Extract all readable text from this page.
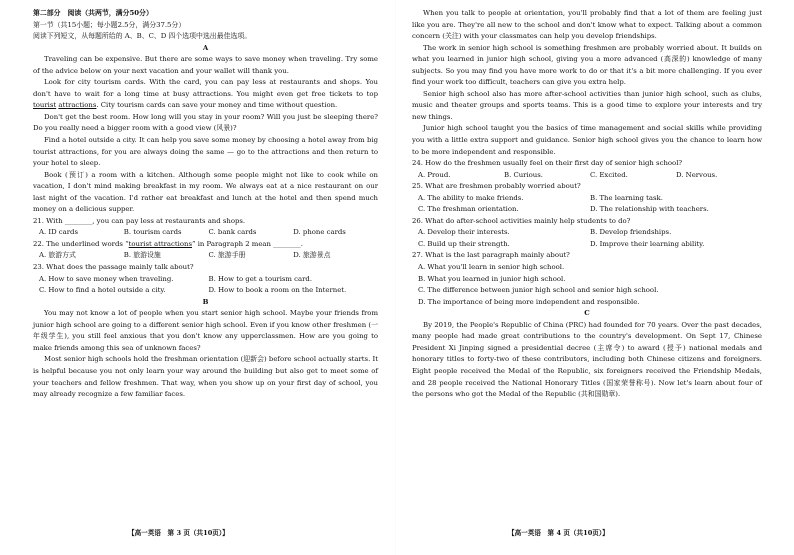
第二部分　阅读（共两节，满分50分）

第一节（共15小题；每小题2.5分，满分37.5分）

阅读下列短文，从每题所给的 A、B、C、D 四个选项中选出最佳选项。

A

Traveling can be expensive. But there are some ways to save money when traveling. Try some of the advice below on your next vacation and your wallet will thank you.

Look for city tourism cards. With the card, you can pay less at restaurants and shops. You don't have to wait for a long time at busy attractions. You might even get free tickets to top tourist attractions. City tourism cards can save your money and time without question.

Don't get the best room. How long will you stay in your room? Will you just be sleeping there? Do you really need a bigger room with a good view (风景)?

Find a hotel outside a city. It can help you save some money by choosing a hotel away from big tourist attractions, for you are always doing the same — go to the attractions and then return to your hotel to sleep.

Book (预订) a room with a kitchen. Although some people might not like to cook while on vacation, I don't mind making breakfast in my room. We always eat at a nice restaurant on our last night of the vacation. I'd rather eat breakfast and lunch at the hotel and then spend much money on a delicious supper.

21. With ________, you can pay less at restaurants and shops.

A. ID cards	B. tourism cards	C. bank cards	D. phone cards

22. The underlined words “tourist attractions” in Paragraph 2 mean ________.

A. 旅游方式	B. 旅游设施	C. 旅游手册	D. 旅游景点

23. What does the passage mainly talk about?

A. How to save money when traveling.	B. How to get a tourism card.
C. How to find a hotel outside a city.	D. How to book a room on the Internet.

B

You may not know a lot of people when you start senior high school. Maybe your friends from junior high school are going to a different senior high school. Even if you know other freshmen (一年级学生), you still feel anxious that you don't know any upperclassmen. How are you going to make friends among this sea of unknown faces?

Most senior high schools hold the freshman orientation (迎新会) before school actually starts. It is helpful because you not only learn your way around the building but also get to meet some of your teachers and fellow freshmen. That way, when you show up on your first day of school, you may already recognize a few familiar faces.

【高一英语　第 3 页（共10页）】

When you talk to people at orientation, you'll probably find that a lot of them are feeling just like you are. They're all new to the school and don't know what to expect. Talking about a common concern (关注) with your classmates can help you develop friendships.

The work in senior high school is something freshmen are probably worried about. It builds on what you learned in junior high school, giving you a more advanced (高深的) knowledge of many subjects. So you may find you have more work to do or that it's a bit more challenging. If you ever find your work too difficult, teachers can give you extra help.

Senior high school also has more after-school activities than junior high school, such as clubs, music and theater groups and sports teams. This is a good time to explore your interests and try new things.

Junior high school taught you the basics of time management and social skills while providing you with a little extra support and guidance. Senior high school gives you the chance to learn how to be more independent and responsible.

24. How do the freshmen usually feel on their first day of senior high school?

A. Proud.	B. Curious.	C. Excited.	D. Nervous.

25. What are freshmen probably worried about?

A. The ability to make friends.	B. The learning task.
C. The freshman orientation.	D. The relationship with teachers.

26. What do after-school activities mainly help students to do?

A. Develop their interests.	B. Develop friendships.
C. Build up their strength.	D. Improve their learning ability.

27. What is the last paragraph mainly about?

A. What you'll learn in senior high school.
B. What you learned in junior high school.
C. The difference between junior high school and senior high school.
D. The importance of being more independent and responsible.

C

By 2019, the People's Republic of China (PRC) had founded for 70 years. Over the past decades, many people had made great contributions to the country's development. On Sept 17, Chinese President Xi Jinping signed a presidential decree (主席令) to award (授予) national medals and honorary titles to forty-two of these contributors, including both Chinese citizens and foreigners. Eight people received the Medal of the Republic, six foreigners received the Friendship Medals, and 28 people received the National Honorary Titles (国家荣誉称号). Now let's learn about four of the persons who got the Medal of the Republic (共和国勋章).

【高一英语　第 4 页（共10页）】
